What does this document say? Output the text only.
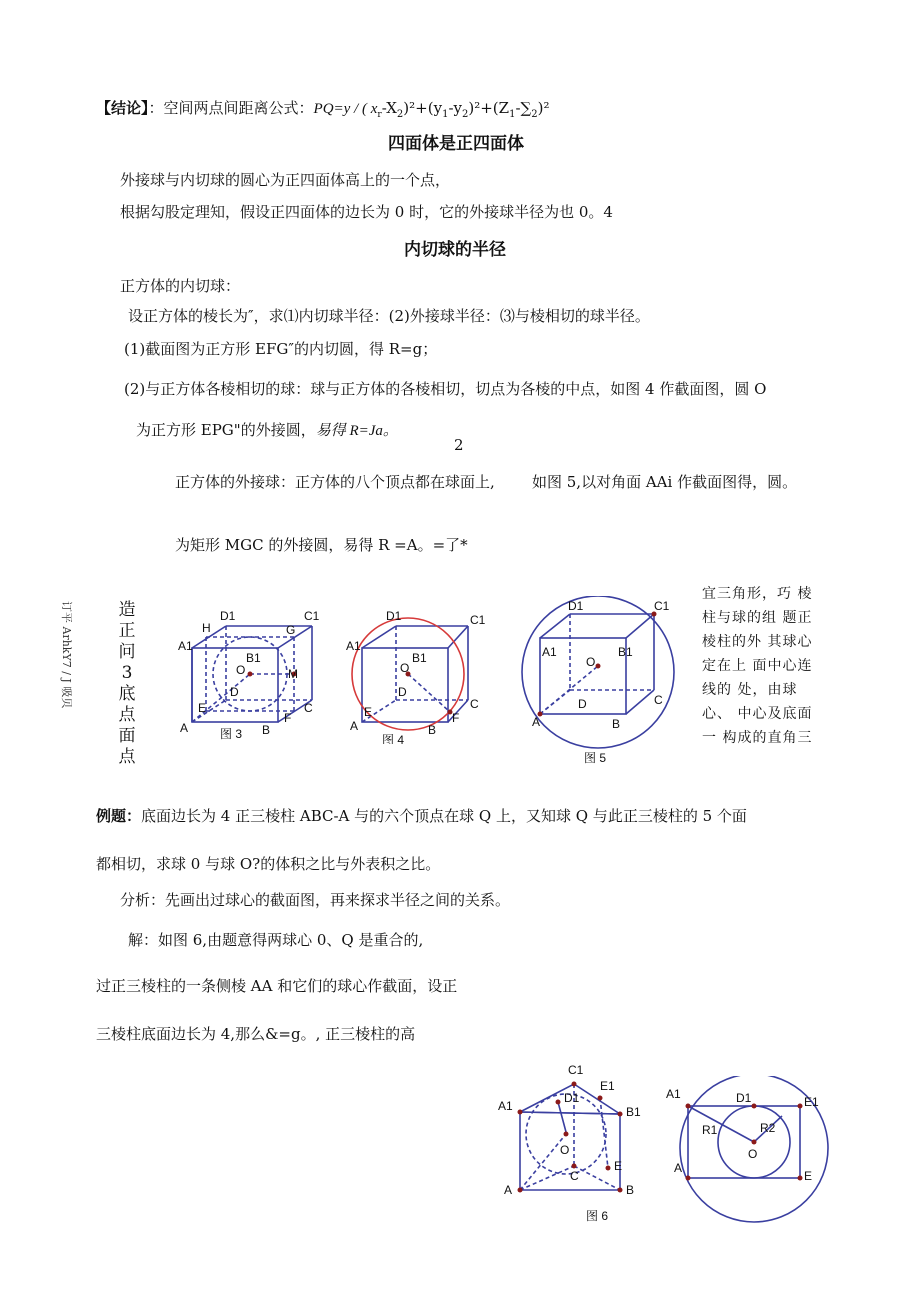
【结论】：空间两点间距离公式：PQ=y / ( $x_r-X_2)^2+(y_1-y_2)^2+(Z_1-\sum_2)^2$
四面体是正四面体
外接球与内切球的圆心为正四面体高上的一个点，
根据勾股定理知，假设正四面体的边长为 0 时，它的外接球半径为也 0。4
内切球的半径
正方体的内切球：
设正方体的棱长为″，求⑴内切球半径：(2)外接球半径：⑶与棱相切的球半径。
(1)截面图为正方形 EFG″的内切圆，得 R=g；
(2)与正方体各棱相切的球：球与正方体的各棱相切，切点为各棱的中点，如图 4 作截面图，圆 O
为正方形 EPG"的外接圆，易得 R=Ja。
2
正方体的外接球：正方体的八个顶点都在球面上, 如图 5,以对角面 AAi 作截面图得，圆。
为矩形 MGC 的外接圆，易得 R =A。=了*
造
正
问
3
底
点
面
点
订平 ArhkY7 / J 吸贝	D1	C1
H	G
A1
B1
O	M
D
E
F
C
A	B
图 3
D1	C1
A1
B1
O
D
E	F
A	B
C
图 4
D1	C1
A1	B1
O
D	C
A	B
图 5
宜三角形，巧 棱柱与球的组 题正棱柱的外 其球心定在上 面中心连线的 处，由球 心、 中心及底面 一 构成的直角三
例题：底面边长为 4 正三棱柱 ABC-A 与的六个顶点在球 Q 上，又知球 Q 与此正三棱柱的 5 个面
都相切，求球 0 与球 O?的体积之比与外表积之比。
分析：先画出过球心的截面图，再来探求半径之间的关系。
解：如图 6,由题意得两球心 0、Q 是重合的,
过正三棱柱的一条侧棱 AA 和它们的球心作截面，设正
三棱柱底面边长为 4,那么&=g。, 正三棱柱的高
C1
E1
A1
D1
B1
O
C
E
A	B
图 6
A1	D1	E1
R1	R2
O
A
E
